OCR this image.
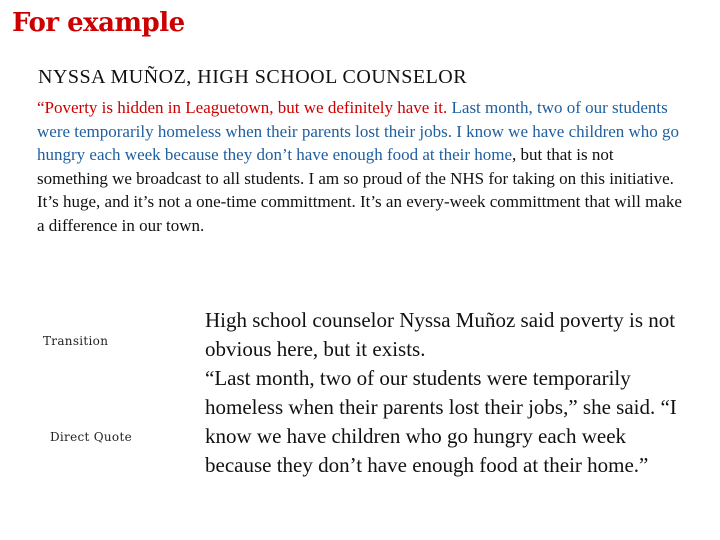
For example
NYSSA MUÑOZ, HIGH SCHOOL COUNSELOR
“Poverty is hidden in Leaguetown, but we definitely have it. Last month, two of our students were temporarily homeless when their parents lost their jobs. I know we have children who go hungry each week because they don’t have enough food at their home, but that is not something we broadcast to all students. I am so proud of the NHS for taking on this initiative. It’s huge, and it’s not a one-time committment. It’s an every-week committment that will make a difference in our town.
Transition
Direct Quote
High school counselor Nyssa Muñoz said poverty is not obvious here, but it exists.
“Last month, two of our students were temporarily homeless when their parents lost their jobs,” she said. “I know we have children who go hungry each week because they don’t have enough food at their home.”
